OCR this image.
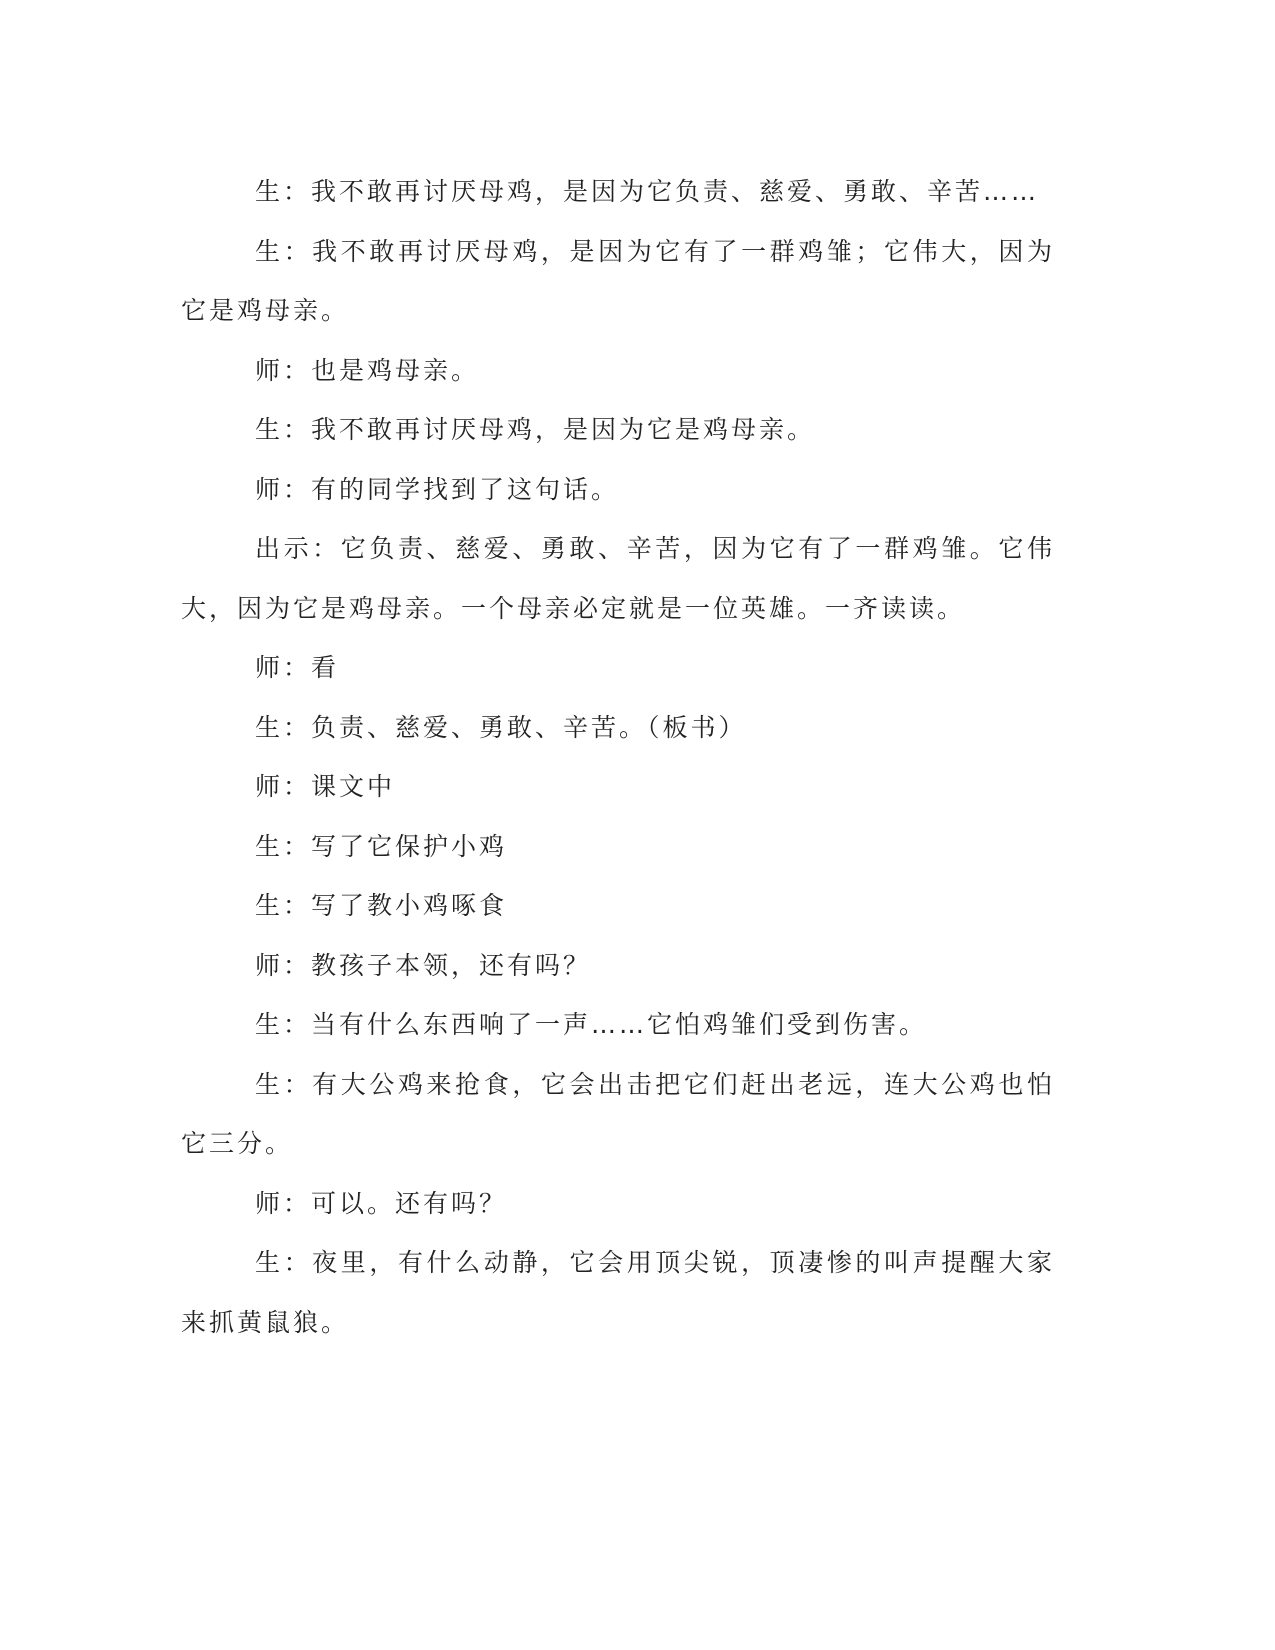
生：我不敢再讨厌母鸡，是因为它负责、慈爱、勇敢、辛苦……

生：我不敢再讨厌母鸡，是因为它有了一群鸡雏；它伟大，因为它是鸡母亲。

师：也是鸡母亲。

生：我不敢再讨厌母鸡，是因为它是鸡母亲。

师：有的同学找到了这句话。

出示：它负责、慈爱、勇敢、辛苦，因为它有了一群鸡雏。它伟大，因为它是鸡母亲。一个母亲必定就是一位英雄。一齐读读。

师：看

生：负责、慈爱、勇敢、辛苦。（板书）

师：课文中

生：写了它保护小鸡

生：写了教小鸡啄食

师：教孩子本领，还有吗？

生：当有什么东西响了一声……它怕鸡雏们受到伤害。

生：有大公鸡来抢食，它会出击把它们赶出老远，连大公鸡也怕它三分。

师：可以。还有吗？

生：夜里，有什么动静，它会用顶尖锐，顶凄惨的叫声提醒大家来抓黄鼠狼。
